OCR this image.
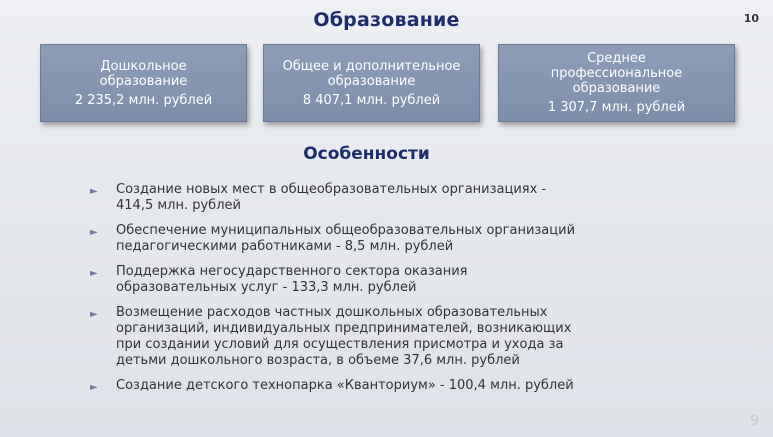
10
Образование
Дошкольное
образование
2 235,2 млн. рублей
Общее и дополнительное
образование
8 407,1 млн. рублей
Среднее
профессиональное
образование
1 307,7 млн. рублей
Особенности
► Создание новых мест в общеобразовательных организациях -
414,5 млн. рублей
► Обеспечение муниципальных общеобразовательных организаций
педагогическими работниками - 8,5 млн. рублей
► Поддержка негосударственного сектора оказания
образовательных услуг - 133,3 млн. рублей
► Возмещение расходов частных дошкольных образовательных
организаций, индивидуальных предпринимателей, возникающих
при создании условий для осуществления присмотра и ухода за
детьми дошкольного возраста, в объеме 37,6 млн. рублей
► Создание детского технопарка «Кванториум» - 100,4 млн. рублей
9
